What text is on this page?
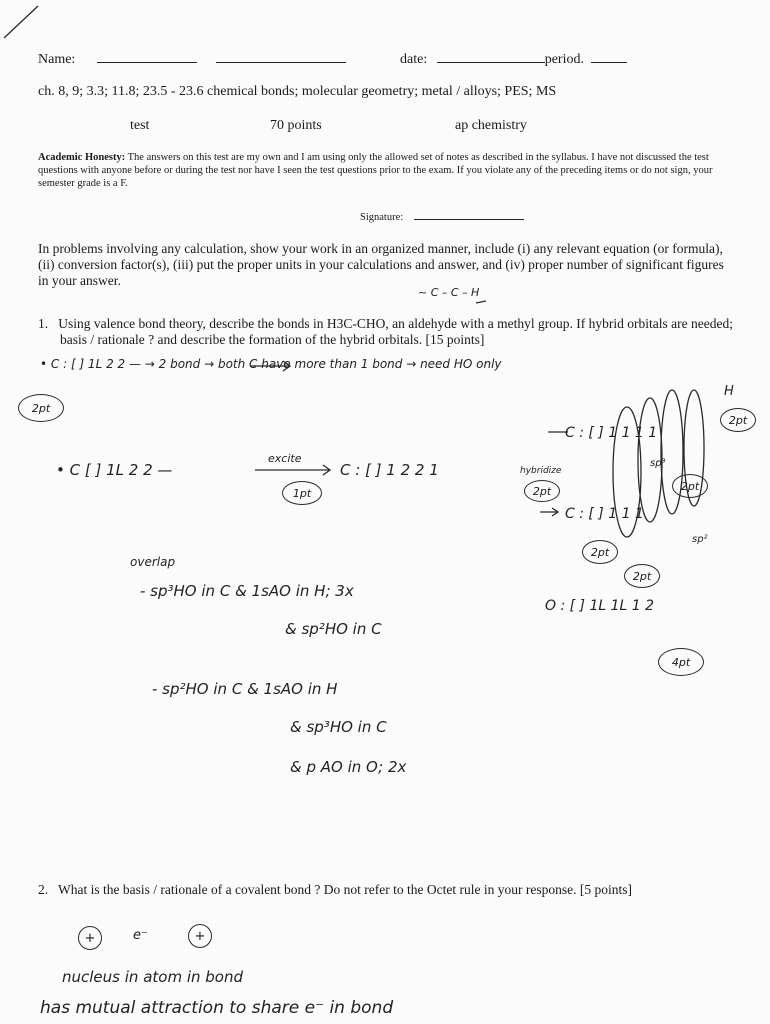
Name:	date:	period.
ch. 8, 9; 3.3; 11.8; 23.5 - 23.6 chemical bonds; molecular geometry; metal / alloys; PES; MS
test	70 points	ap chemistry
Academic Honesty: The answers on this test are my own and I am using only the allowed set of notes as described in the syllabus. I have not discussed the test questions with anyone before or during the test nor have I seen the test questions prior to the exam. If you violate any of the preceding items or do not sign, your semester grade is a F.
Signature:
In problems involving any calculation, show your work in an organized manner, include (i) any relevant equation (or formula), (ii) conversion factor(s), (iii) put the proper units in your calculations and answer, and (iv) proper number of significant figures in your answer.
~ C – C – H
1. Using valence bond theory, describe the bonds in H3C-CHO, an aldehyde with a methyl group. If hybrid orbitals are needed; basis / rationale ? and describe the formation of the hybrid orbitals. [15 points]
• C : [ ] 1L 2 2 — → 2 bond → both C have more than 1 bond → need HO only
2pt
• C [ ] 1L 2 2 —
excite
1pt
C : [ ] 1 2 2 1
overlap
- sp³HO in C & 1sAO in H; 3x
& sp²HO in C
- sp²HO in C & 1sAO in H
& sp³HO in C
& p AO in O; 2x
C : [ ] 1 1 1 1
sp³
hybridize
2pt
C : [ ] 1 1 1
sp²
2pt
H
2pt
2pt
2pt
O : [ ] 1L 1L 1 2
4pt
2. What is the basis / rationale of a covalent bond ? Do not refer to the Octet rule in your response. [5 points]
+	e⁻	+
nucleus in atom in bond
has mutual attraction to share e⁻ in bond
